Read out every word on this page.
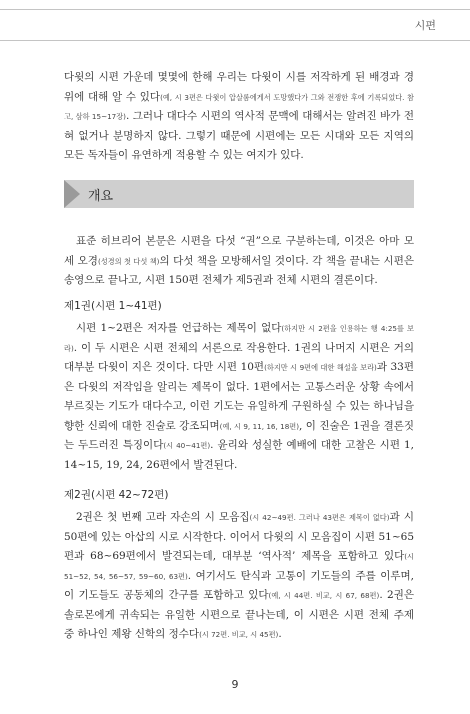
시편

다윗의 시편 가운데 몇몇에 한해 우리는 다윗이 시를 저작하게 된 배경과 경위에 대해 알 수 있다(예, 시 3편은 다윗이 압살롬에게서 도망했다가 그와 전쟁한 후에 기록되었다. 참고, 삼하 15~17장). 그러나 대다수 시편의 역사적 문맥에 대해서는 알려진 바가 전혀 없거나 분명하지 않다. 그렇기 때문에 시편에는 모든 시대와 모든 지역의 모든 독자들이 유연하게 적용할 수 있는 여지가 있다.

개요

표준 히브리어 본문은 시편을 다섯 “권”으로 구분하는데, 이것은 아마 모세 오경(성경의 첫 다섯 책)의 다섯 책을 모방해서일 것이다. 각 책을 끝내는 시편은 송영으로 끝나고, 시편 150편 전체가 제5권과 전체 시편의 결론이다.

제1권(시편 1~41편)

시편 1~2편은 저자를 언급하는 제목이 없다(하지만 시 2편을 인용하는 행 4:25를 보라). 이 두 시편은 시편 전체의 서론으로 작용한다. 1권의 나머지 시편은 거의 대부분 다윗이 지은 것이다. 다만 시편 10편(하지만 시 9편에 대한 해설을 보라)과 33편은 다윗의 저작임을 알리는 제목이 없다. 1편에서는 고통스러운 상황 속에서 부르짖는 기도가 대다수고, 이런 기도는 유일하게 구원하실 수 있는 하나님을 향한 신뢰에 대한 진술로 강조되며(예, 시 9, 11, 16, 18편), 이 진술은 1권을 결론짓는 두드러진 특징이다(시 40~41편). 윤리와 성실한 예배에 대한 고찰은 시편 1, 14~15, 19, 24, 26편에서 발견된다.

제2권(시편 42~72편)

2권은 첫 번째 고라 자손의 시 모음집(시 42~49편. 그러나 43편은 제목이 없다)과 시 50편에 있는 아삽의 시로 시작한다. 이어서 다윗의 시 모음집이 시편 51~65편과 68~69편에서 발견되는데, 대부분 ‘역사적’ 제목을 포함하고 있다(시 51~52, 54, 56~57, 59~60, 63편). 여기서도 탄식과 고통이 기도들의 주를 이루며, 이 기도들도 공동체의 간구를 포함하고 있다(예, 시 44편. 비교, 시 67, 68편). 2권은 솔로몬에게 귀속되는 유일한 시편으로 끝나는데, 이 시편은 시편 전체 주제 중 하나인 제왕 신학의 정수다(시 72편. 비교, 시 45편).

9
